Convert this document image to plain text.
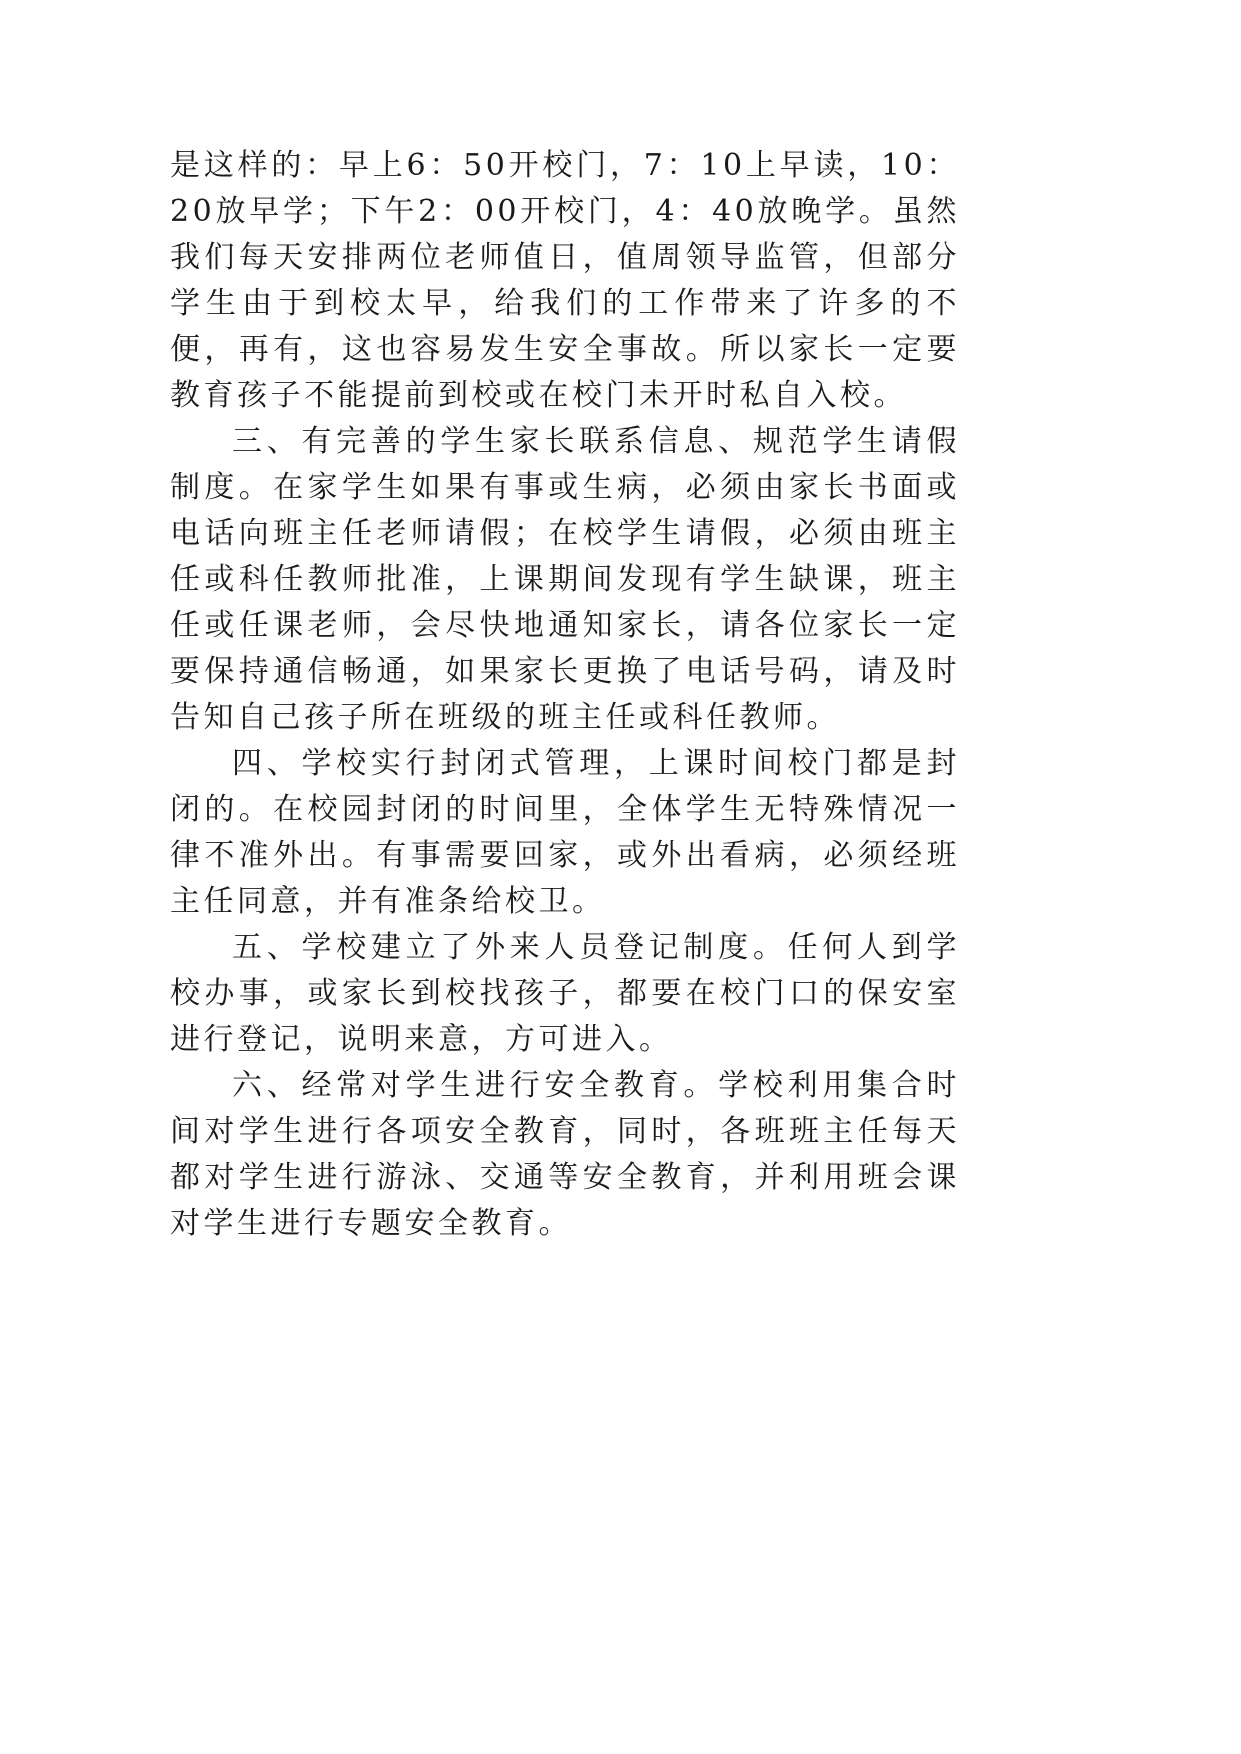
是这样的：早上6：50开校门，7：10上早读，10：20放早学；下午2：00开校门，4：40放晚学。虽然我们每天安排两位老师值日，值周领导监管，但部分学生由于到校太早，给我们的工作带来了许多的不便，再有，这也容易发生安全事故。所以家长一定要教育孩子不能提前到校或在校门未开时私自入校。

三、有完善的学生家长联系信息、规范学生请假制度。在家学生如果有事或生病，必须由家长书面或电话向班主任老师请假；在校学生请假，必须由班主任或科任教师批准，上课期间发现有学生缺课，班主任或任课老师，会尽快地通知家长，请各位家长一定要保持通信畅通，如果家长更换了电话号码，请及时告知自己孩子所在班级的班主任或科任教师。

四、学校实行封闭式管理，上课时间校门都是封闭的。在校园封闭的时间里，全体学生无特殊情况一律不准外出。有事需要回家，或外出看病，必须经班主任同意，并有准条给校卫。

五、学校建立了外来人员登记制度。任何人到学校办事，或家长到校找孩子，都要在校门口的保安室进行登记，说明来意，方可进入。

六、经常对学生进行安全教育。学校利用集合时间对学生进行各项安全教育，同时，各班班主任每天都对学生进行游泳、交通等安全教育，并利用班会课对学生进行专题安全教育。
